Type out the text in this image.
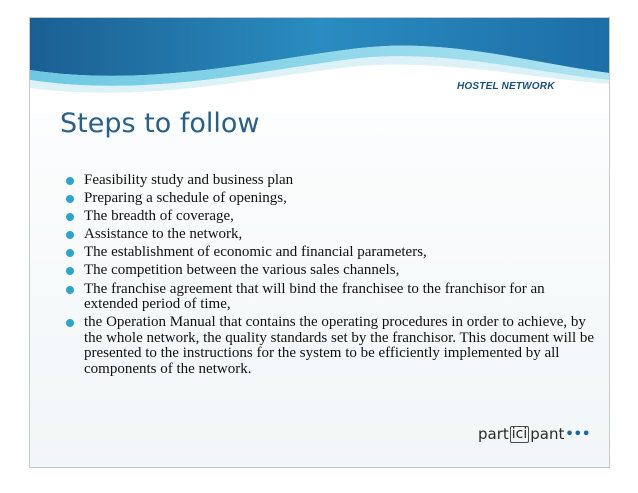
HOSTEL NETWORK
Steps to follow
Feasibility study and business plan
Preparing a schedule of openings,
The breadth of coverage,
Assistance to the network,
The establishment of economic and financial parameters,
The competition between the various sales channels,
The franchise agreement that will bind the franchisee to the franchisor for an extended period of time,
the Operation Manual that contains the operating procedures in order to achieve, by the whole network, the quality standards set by the franchisor. This document will be presented to the instructions for the system to be efficiently implemented by all components of the network.
part ici pant •••
